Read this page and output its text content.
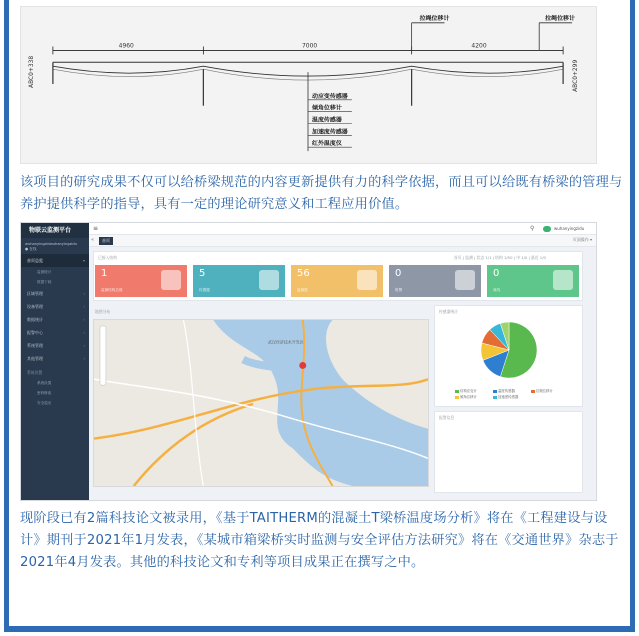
4960	7000	4200
拉绳位移计	拉绳位移计
ABC0+338	ABC0+299
动应变传感器
倾角位移计
温度传感器
加速度传感器
红外温度仪

该项目的研究成果不仅可以给桥梁规范的内容更新提供有力的科学依据，而且可以给既有桥梁的管理与养护提供科学的指导，具有一定的理论研究意义和工程应用价值。

物联云监测平台
wuhanyingzidwuhanyingzidu
● 在线
首页总览	▾
监测统计
数据下载
区域管理	‹
设备管理	‹
数据统计	‹
报警中心	‹
系统管理	‹
其他管理	‹
系统设置
系统设置
密码修改
安全退出
≡	⚲	wuhanyingzidu
«	首页	页面操作 ▾
已接入结构	首页 | 监测 | 状态 1/1 | 结构 1/50 | 中 1/0 | 最近 1/0
1
监测结构总数
5
传感器
56
监测数
0
报警
0
离线
地图分布
武汉经济技术开发区
传感器统计
结构应变计	温度传感器	拉绳位移计
倾角位移计	加速度传感器
报警信息

现阶段已有2篇科技论文被录用，《基于TAITHERM的混凝土T梁桥温度场分析》将在《工程建设与设计》期刊于2021年1月发表，《某城市箱梁桥实时监测与安全评估方法研究》将在《交通世界》杂志于2021年4月发表。其他的科技论文和专利等项目成果正在撰写之中。
